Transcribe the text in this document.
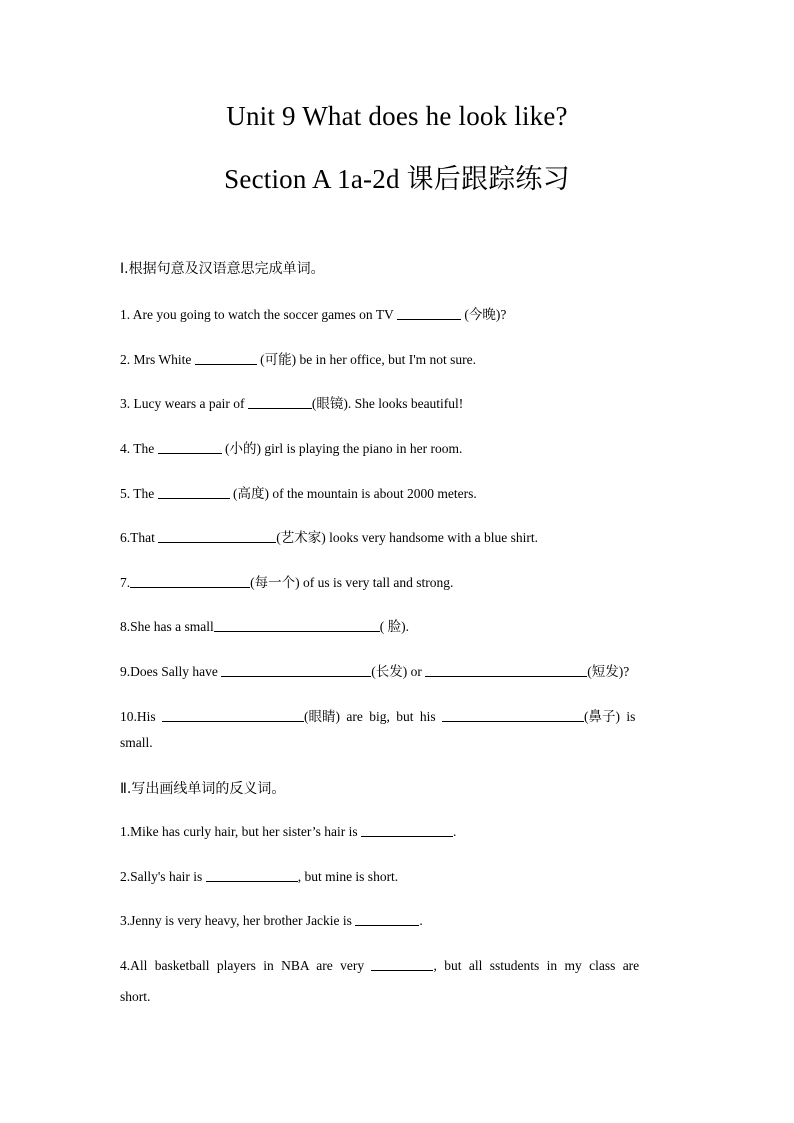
Unit 9 What does he look like?
Section A 1a-2d 课后跟踪练习
Ⅰ.根据句意及汉语意思完成单词。
1. Are you going to watch the soccer games on TV	(今晚)?
2. Mrs White	(可能) be in her office, but I'm not sure.
3. Lucy wears a pair of	(眼镜). She looks beautiful!
4. The	(小的) girl is playing the piano in her room.
5. The	(高度) of the mountain is about 2000 meters.
6.That	(艺术家) looks very handsome with a blue shirt.
7.	(每一个) of us is very tall and strong.
8.She has a small	( 脸).
9.Does Sally have	(长发) or	(短发)?
10.His	(眼睛) are big, but his	(鼻子) is
small.
Ⅱ.写出画线单词的反义词。
1.Mike has curly hair, but her sister’s hair is	.
2.Sally's hair is	, but mine is short.
3.Jenny is very heavy, her brother Jackie is	.
4.All basketball players in NBA are very	, but all sstudents in my class are
short.
